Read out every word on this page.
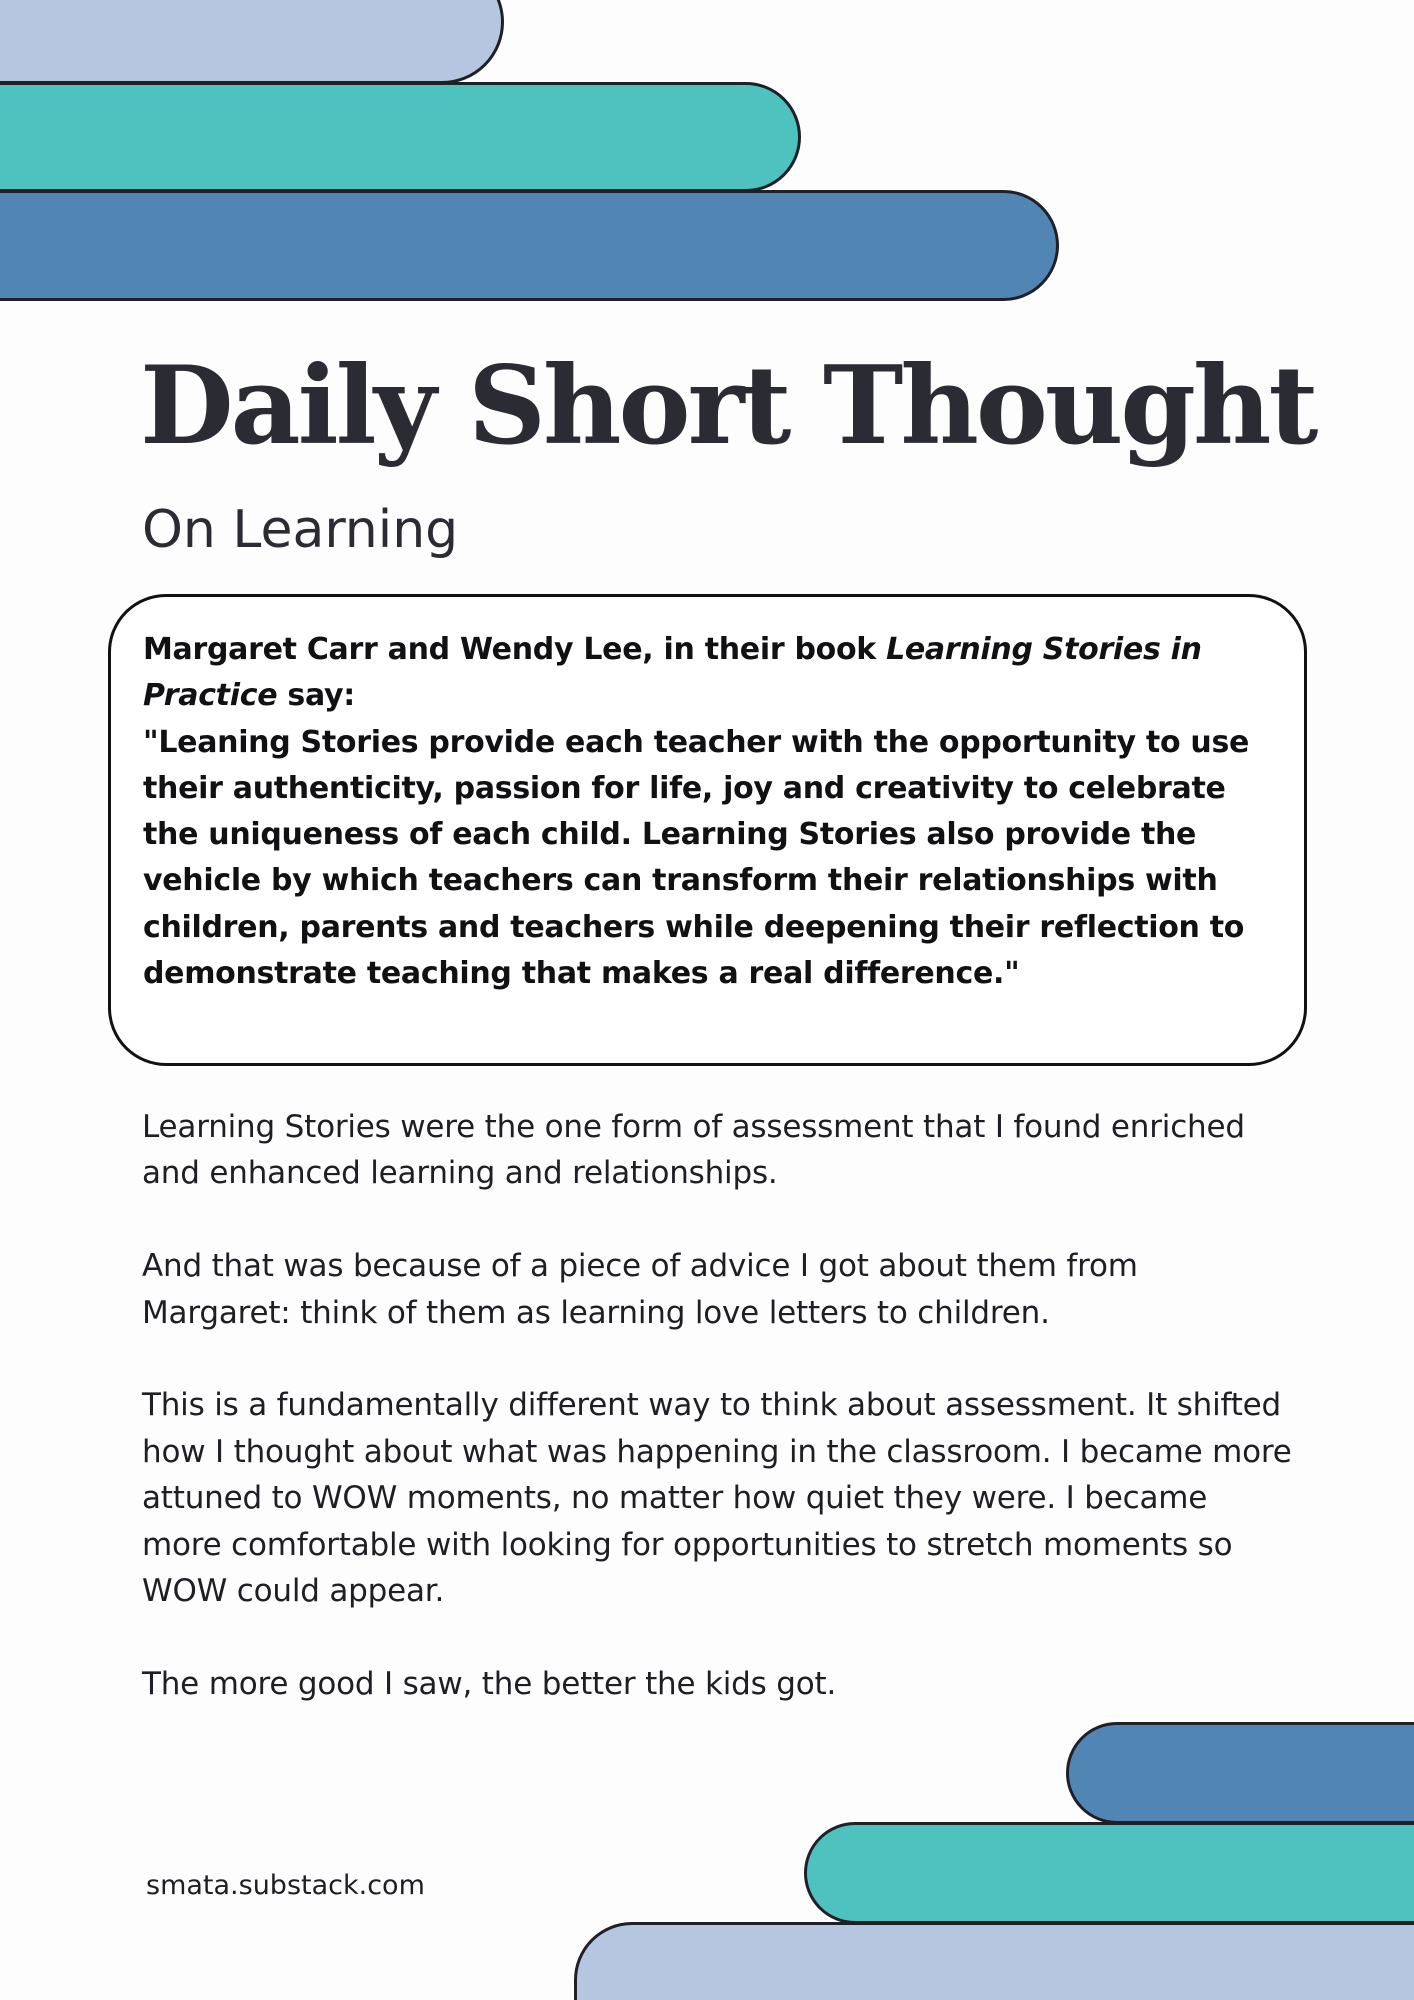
Daily Short Thought
On Learning

Margaret Carr and Wendy Lee, in their book Learning Stories in Practice say:

"Leaning Stories provide each teacher with the opportunity to use their authenticity, passion for life, joy and creativity to celebrate the uniqueness of each child. Learning Stories also provide the vehicle by which teachers can transform their relationships with children, parents and teachers while deepening their reflection to demonstrate teaching that makes a real difference."

Learning Stories were the one form of assessment that I found enriched and enhanced learning and relationships.

And that was because of a piece of advice I got about them from Margaret: think of them as learning love letters to children.

This is a fundamentally different way to think about assessment. It shifted how I thought about what was happening in the classroom. I became more attuned to WOW moments, no matter how quiet they were. I became more comfortable with looking for opportunities to stretch moments so WOW could appear.

The more good I saw, the better the kids got.

smata.substack.com
